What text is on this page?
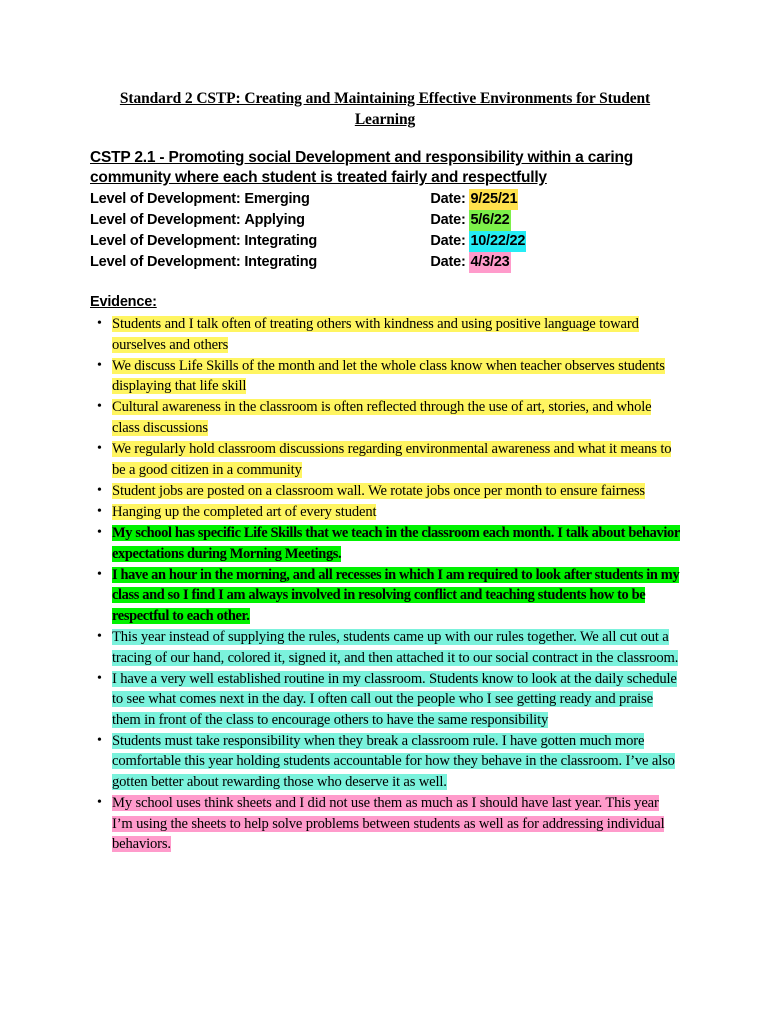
Standard 2 CSTP: Creating and Maintaining Effective Environments for Student
Learning
CSTP 2.1 - Promoting social Development and responsibility within a caring community where each student is treated fairly and respectfully
Level of Development: Emerging	Date: 9/25/21
Level of Development: Applying	Date: 5/6/22
Level of Development: Integrating	Date: 10/22/22
Level of Development: Integrating	Date: 4/3/23
Evidence:
• Students and I talk often of treating others with kindness and using positive language toward ourselves and others
• We discuss Life Skills of the month and let the whole class know when teacher observes students displaying that life skill
• Cultural awareness in the classroom is often reflected through the use of art, stories, and whole class discussions
• We regularly hold classroom discussions regarding environmental awareness and what it means to be a good citizen in a community
• Student jobs are posted on a classroom wall. We rotate jobs once per month to ensure fairness
• Hanging up the completed art of every student
• My school has specific Life Skills that we teach in the classroom each month. I talk about behavior expectations during Morning Meetings.
• I have an hour in the morning, and all recesses in which I am required to look after students in my class and so I find I am always involved in resolving conflict and teaching students how to be respectful to each other.
• This year instead of supplying the rules, students came up with our rules together. We all cut out a tracing of our hand, colored it, signed it, and then attached it to our social contract in the classroom.
• I have a very well established routine in my classroom. Students know to look at the daily schedule to see what comes next in the day. I often call out the people who I see getting ready and praise them in front of the class to encourage others to have the same responsibility
• Students must take responsibility when they break a classroom rule. I have gotten much more comfortable this year holding students accountable for how they behave in the classroom. I’ve also gotten better about rewarding those who deserve it as well.
• My school uses think sheets and I did not use them as much as I should have last year. This year I’m using the sheets to help solve problems between students as well as for addressing individual behaviors.
